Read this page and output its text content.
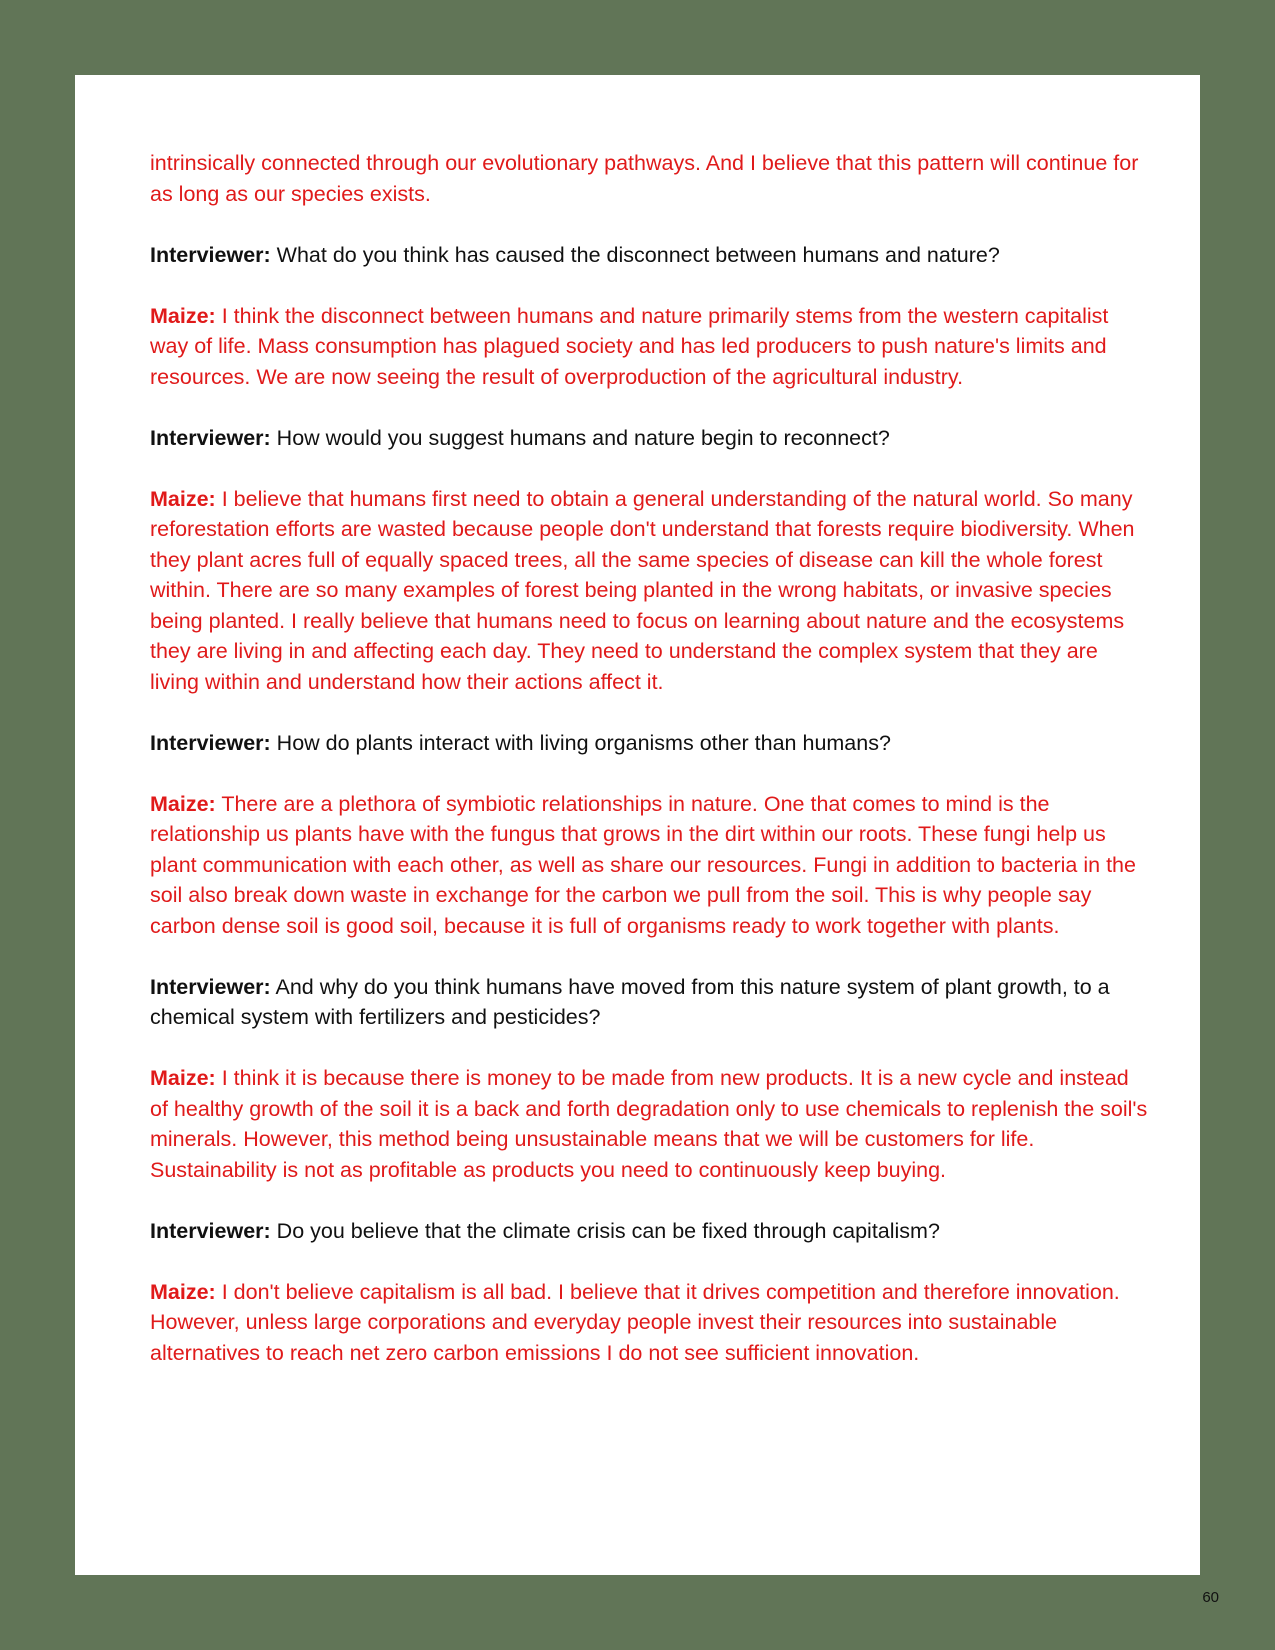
intrinsically connected through our evolutionary pathways. And I believe that this pattern will continue for as long as our species exists.

Interviewer: What do you think has caused the disconnect between humans and nature?

Maize: I think the disconnect between humans and nature primarily stems from the western capitalist way of life. Mass consumption has plagued society and has led producers to push nature's limits and resources. We are now seeing the result of overproduction of the agricultural industry.

Interviewer: How would you suggest humans and nature begin to reconnect?

Maize: I believe that humans first need to obtain a general understanding of the natural world. So many reforestation efforts are wasted because people don't understand that forests require biodiversity. When they plant acres full of equally spaced trees, all the same species of disease can kill the whole forest within. There are so many examples of forest being planted in the wrong habitats, or invasive species being planted. I really believe that humans need to focus on learning about nature and the ecosystems they are living in and affecting each day. They need to understand the complex system that they are living within and understand how their actions affect it.

Interviewer: How do plants interact with living organisms other than humans?

Maize: There are a plethora of symbiotic relationships in nature. One that comes to mind is the relationship us plants have with the fungus that grows in the dirt within our roots. These fungi help us plant communication with each other, as well as share our resources. Fungi in addition to bacteria in the soil also break down waste in exchange for the carbon we pull from the soil. This is why people say carbon dense soil is good soil, because it is full of organisms ready to work together with plants.

Interviewer: And why do you think humans have moved from this nature system of plant growth, to a chemical system with fertilizers and pesticides?

Maize: I think it is because there is money to be made from new products. It is a new cycle and instead of healthy growth of the soil it is a back and forth degradation only to use chemicals to replenish the soil's minerals. However, this method being unsustainable means that we will be customers for life. Sustainability is not as profitable as products you need to continuously keep buying.

Interviewer: Do you believe that the climate crisis can be fixed through capitalism?

Maize: I don't believe capitalism is all bad. I believe that it drives competition and therefore innovation. However, unless large corporations and everyday people invest their resources into sustainable alternatives to reach net zero carbon emissions I do not see sufficient innovation.

60
